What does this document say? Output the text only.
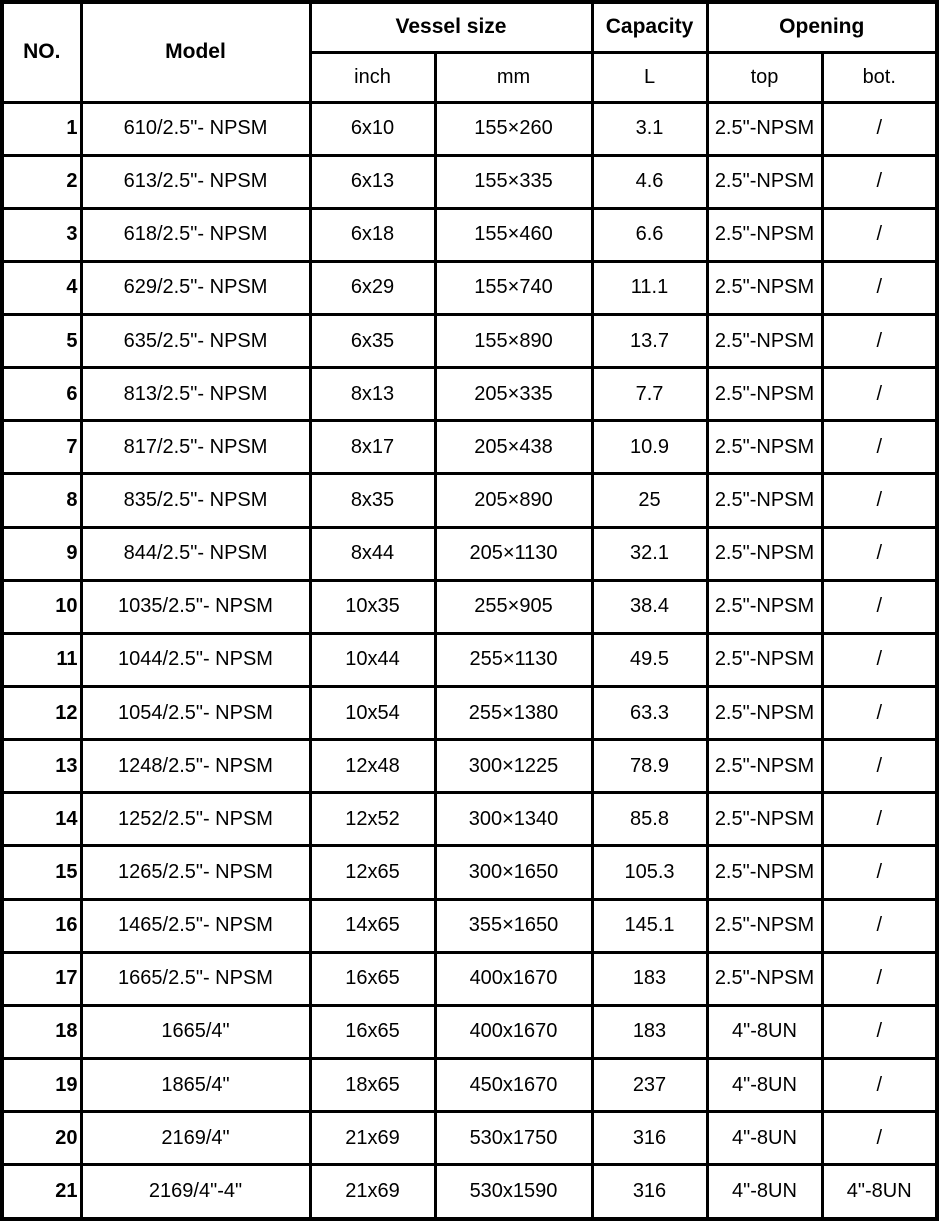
NO.	Model	Vessel size		Capacity	Opening	
		inch	mm	L	top	bot.
1	610/2.5"- NPSM	6x10	155×260	3.1	2.5"-NPSM	/
2	613/2.5"- NPSM	6x13	155×335	4.6	2.5"-NPSM	/
3	618/2.5"- NPSM	6x18	155×460	6.6	2.5"-NPSM	/
4	629/2.5"- NPSM	6x29	155×740	11.1	2.5"-NPSM	/
5	635/2.5"- NPSM	6x35	155×890	13.7	2.5"-NPSM	/
6	813/2.5"- NPSM	8x13	205×335	7.7	2.5"-NPSM	/
7	817/2.5"- NPSM	8x17	205×438	10.9	2.5"-NPSM	/
8	835/2.5"- NPSM	8x35	205×890	25	2.5"-NPSM	/
9	844/2.5"- NPSM	8x44	205×1130	32.1	2.5"-NPSM	/
10	1035/2.5"- NPSM	10x35	255×905	38.4	2.5"-NPSM	/
11	1044/2.5"- NPSM	10x44	255×1130	49.5	2.5"-NPSM	/
12	1054/2.5"- NPSM	10x54	255×1380	63.3	2.5"-NPSM	/
13	1248/2.5"- NPSM	12x48	300×1225	78.9	2.5"-NPSM	/
14	1252/2.5"- NPSM	12x52	300×1340	85.8	2.5"-NPSM	/
15	1265/2.5"- NPSM	12x65	300×1650	105.3	2.5"-NPSM	/
16	1465/2.5"- NPSM	14x65	355×1650	145.1	2.5"-NPSM	/
17	1665/2.5"- NPSM	16x65	400x1670	183	2.5"-NPSM	/
18	1665/4"	16x65	400x1670	183	4"-8UN	/
19	1865/4"	18x65	450x1670	237	4"-8UN	/
20	2169/4"	21x69	530x1750	316	4"-8UN	/
21	2169/4"-4"	21x69	530x1590	316	4"-8UN	4"-8UN
